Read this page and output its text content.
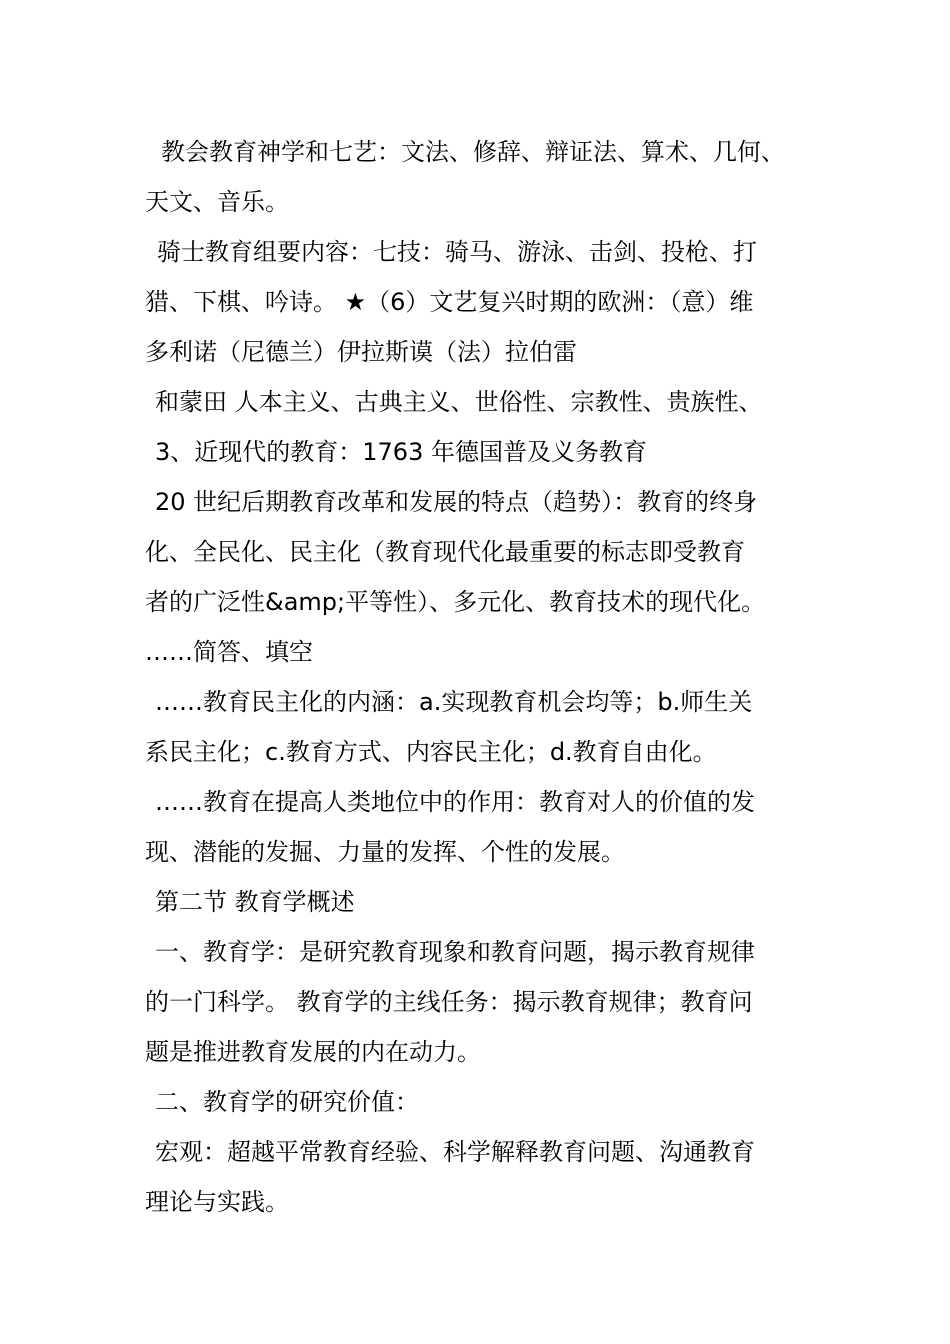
教会教育神学和七艺：文法、修辞、辩证法、算术、几何、
天文、音乐。
骑士教育组要内容：七技：骑马、游泳、击剑、投枪、打
猎、下棋、吟诗。 ★（6）文艺复兴时期的欧洲：（意）维
多利诺（尼德兰）伊拉斯谟（法）拉伯雷
和蒙田 人本主义、古典主义、世俗性、宗教性、贵族性、
3、近现代的教育：1763 年德国普及义务教育
20 世纪后期教育改革和发展的特点（趋势）：教育的终身
化、全民化、民主化（教育现代化最重要的标志即受教育
者的广泛性&amp;平等性）、多元化、教育技术的现代化。
……简答、填空
……教育民主化的内涵：a.实现教育机会均等；b.师生关
系民主化；c.教育方式、内容民主化；d.教育自由化。
……教育在提高人类地位中的作用：教育对人的价值的发
现、潜能的发掘、力量的发挥、个性的发展。
第二节 教育学概述
一、教育学：是研究教育现象和教育问题，揭示教育规律
的一门科学。 教育学的主线任务：揭示教育规律；教育问
题是推进教育发展的内在动力。
二、教育学的研究价值：
宏观：超越平常教育经验、科学解释教育问题、沟通教育
理论与实践。
